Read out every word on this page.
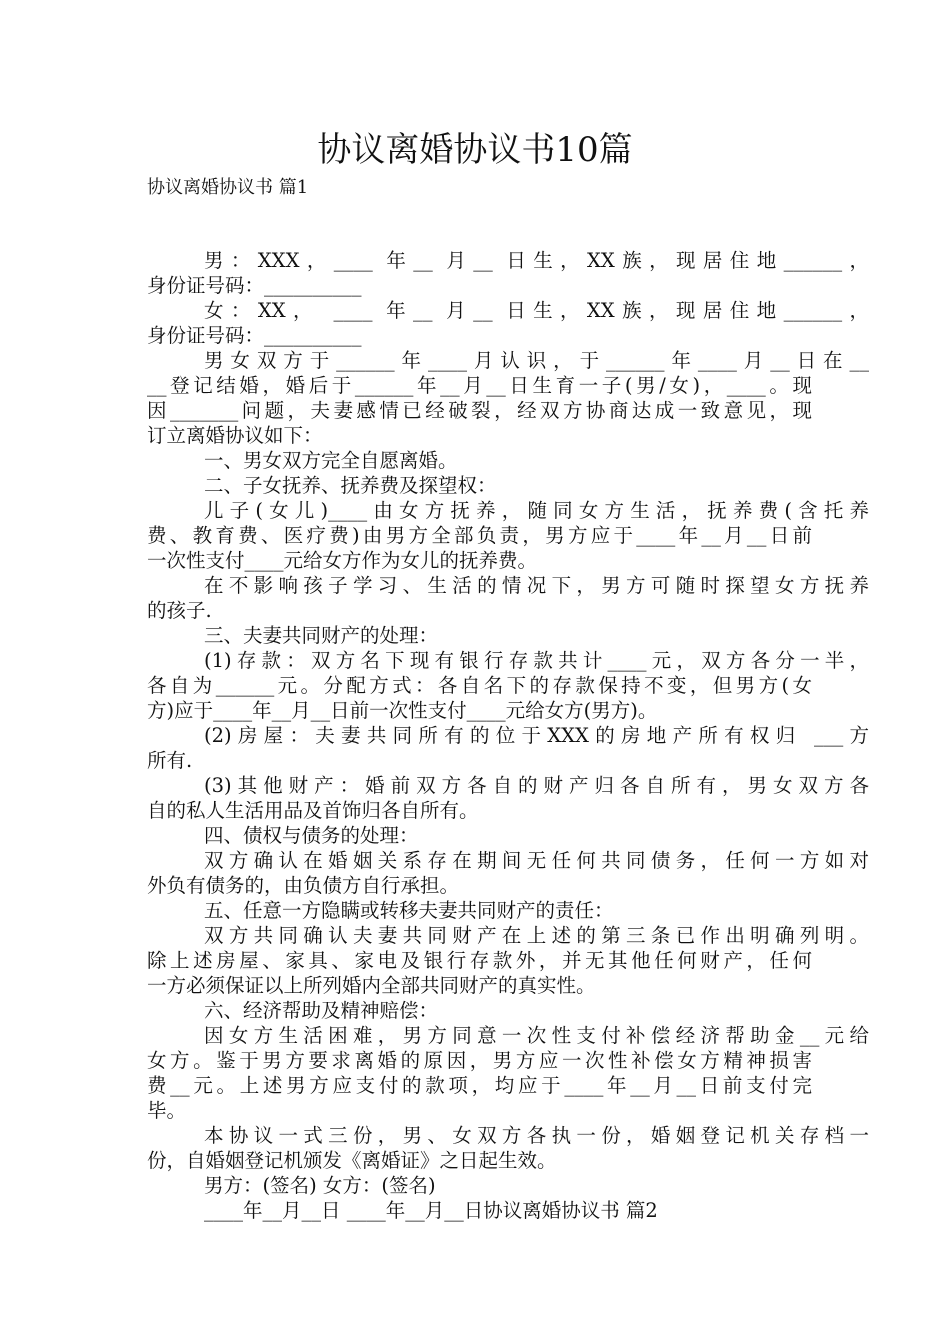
协议离婚协议书10篇
协议离婚协议书 篇1
男：XXX，____ 年__ 月__ 日生，XX族，现居住地______，
身份证号码：__________
女：XX， ____ 年__ 月__ 日生，XX族，现居住地______，
身份证号码：__________
男女双方于______年____月认识，于______年____月__日在__
__登记结婚，婚后于______年__月__日生育一子(男/女)，____。现
因_______问题，夫妻感情已经破裂，经双方协商达成一致意见，现
订立离婚协议如下：
一、男女双方完全自愿离婚。
二、子女抚养、抚养费及探望权：
儿子(女儿)____由女方抚养，随同女方生活，抚养费(含托养
费、教育费、医疗费)由男方全部负责，男方应于____年__月__日前
一次性支付____元给女方作为女儿的抚养费。
在不影响孩子学习、生活的情况下，男方可随时探望女方抚养
的孩子.
三、夫妻共同财产的处理：
(1)存款：双方名下现有银行存款共计____元，双方各分一半，
各自为______元。分配方式：各自名下的存款保持不变，但男方(女
方)应于____年__月__日前一次性支付____元给女方(男方)。
(2)房屋：夫妻共同所有的位于XXX的房地产所有权归 ___方
所有.
(3)其他财产：婚前双方各自的财产归各自所有，男女双方各
自的私人生活用品及首饰归各自所有。
四、债权与债务的处理：
双方确认在婚姻关系存在期间无任何共同债务，任何一方如对
外负有债务的，由负债方自行承担。
五、任意一方隐瞒或转移夫妻共同财产的责任：
双方共同确认夫妻共同财产在上述的第三条已作出明确列明。
除上述房屋、家具、家电及银行存款外，并无其他任何财产，任何
一方必须保证以上所列婚内全部共同财产的真实性。
六、经济帮助及精神赔偿：
因女方生活困难，男方同意一次性支付补偿经济帮助金__元给
女方。鉴于男方要求离婚的原因，男方应一次性补偿女方精神损害
费__元。上述男方应支付的款项，均应于____年__月__日前支付完
毕。
本协议一式三份，男、女双方各执一份，婚姻登记机关存档一
份，自婚姻登记机颁发《离婚证》之日起生效。
男方：(签名) 女方：(签名)
____年__月__日 ____年__月__日协议离婚协议书 篇2
